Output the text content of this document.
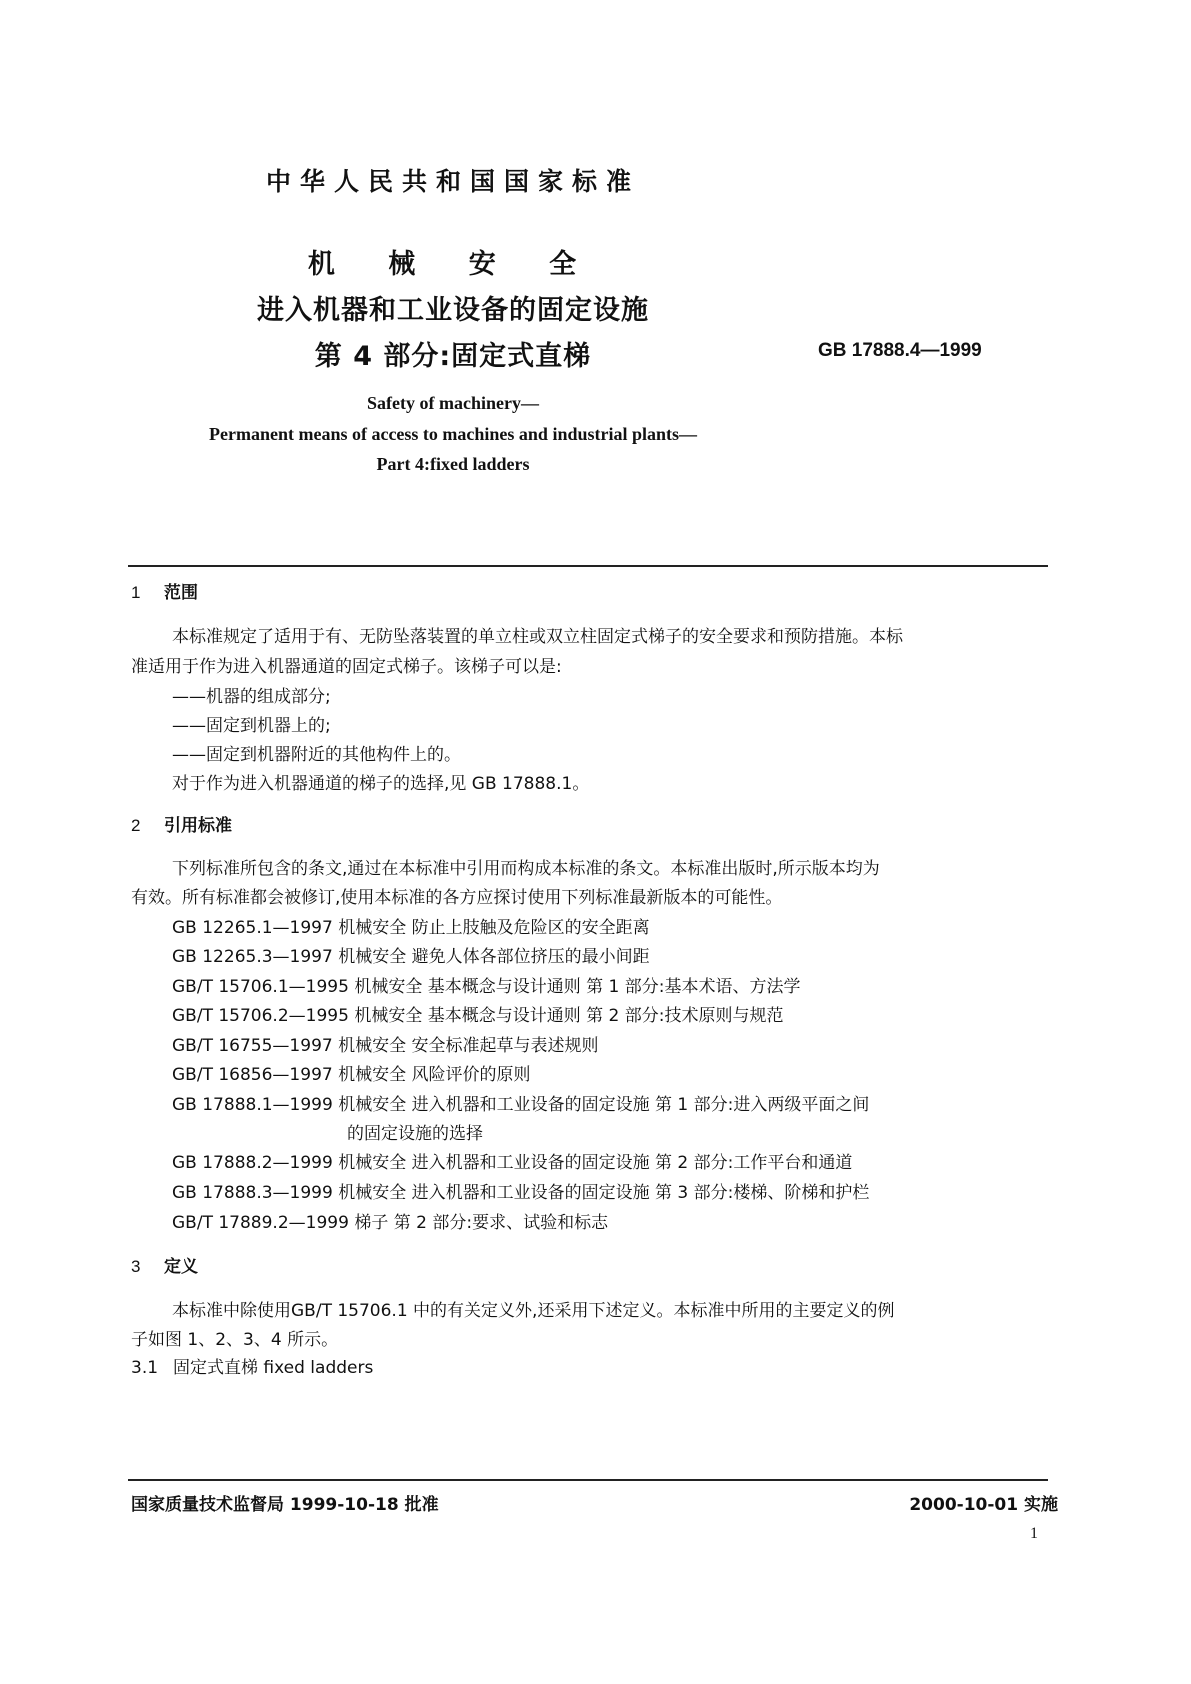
中华人民共和国国家标准
机 械 安 全
进入机器和工业设备的固定设施
第 4 部分:固定式直梯	GB 17888.4—1999
Safety of machinery—
Permanent means of access to machines and industrial plants—
Part 4:fixed ladders
1 范围
本标准规定了适用于有、无防坠落装置的单立柱或双立柱固定式梯子的安全要求和预防措施。本标
准适用于作为进入机器通道的固定式梯子。该梯子可以是:
——机器的组成部分;
——固定到机器上的;
——固定到机器附近的其他构件上的。
对于作为进入机器通道的梯子的选择,见 GB 17888.1。
2 引用标准
下列标准所包含的条文,通过在本标准中引用而构成本标准的条文。本标准出版时,所示版本均为
有效。所有标准都会被修订,使用本标准的各方应探讨使用下列标准最新版本的可能性。
GB 12265.1—1997 机械安全 防止上肢触及危险区的安全距离
GB 12265.3—1997 机械安全 避免人体各部位挤压的最小间距
GB/T 15706.1—1995 机械安全 基本概念与设计通则 第 1 部分:基本术语、方法学
GB/T 15706.2—1995 机械安全 基本概念与设计通则 第 2 部分:技术原则与规范
GB/T 16755—1997 机械安全 安全标准起草与表述规则
GB/T 16856—1997 机械安全 风险评价的原则
GB 17888.1—1999 机械安全 进入机器和工业设备的固定设施 第 1 部分:进入两级平面之间
的固定设施的选择
GB 17888.2—1999 机械安全 进入机器和工业设备的固定设施 第 2 部分:工作平台和通道
GB 17888.3—1999 机械安全 进入机器和工业设备的固定设施 第 3 部分:楼梯、阶梯和护栏
GB/T 17889.2—1999 梯子 第 2 部分:要求、试验和标志
3 定义
本标准中除使用GB/T 15706.1 中的有关定义外,还采用下述定义。本标准中所用的主要定义的例
子如图 1、2、3、4 所示。
3.1 固定式直梯 fixed ladders
国家质量技术监督局 1999-10-18 批准	2000-10-01 实施
1
